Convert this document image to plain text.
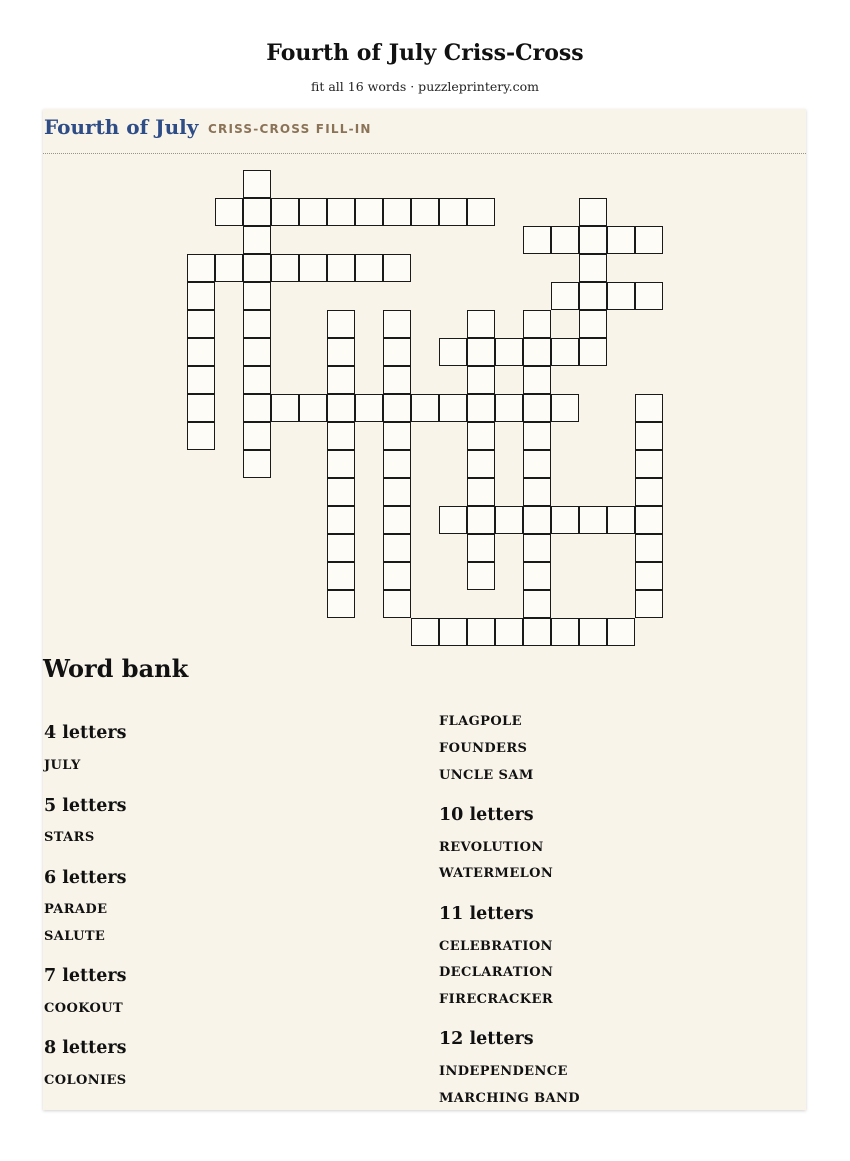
Fourth of July Criss-Cross
fit all 16 words · puzzleprintery.com
Fourth of July CRISS-CROSS FILL-IN
Word bank
4 letters
JULY
5 letters
STARS
6 letters
PARADE
SALUTE
7 letters
COOKOUT
8 letters
COLONIES
FLAGPOLE
FOUNDERS
UNCLE SAM
10 letters
REVOLUTION
WATERMELON
11 letters
CELEBRATION
DECLARATION
FIRECRACKER
12 letters
INDEPENDENCE
MARCHING BAND
